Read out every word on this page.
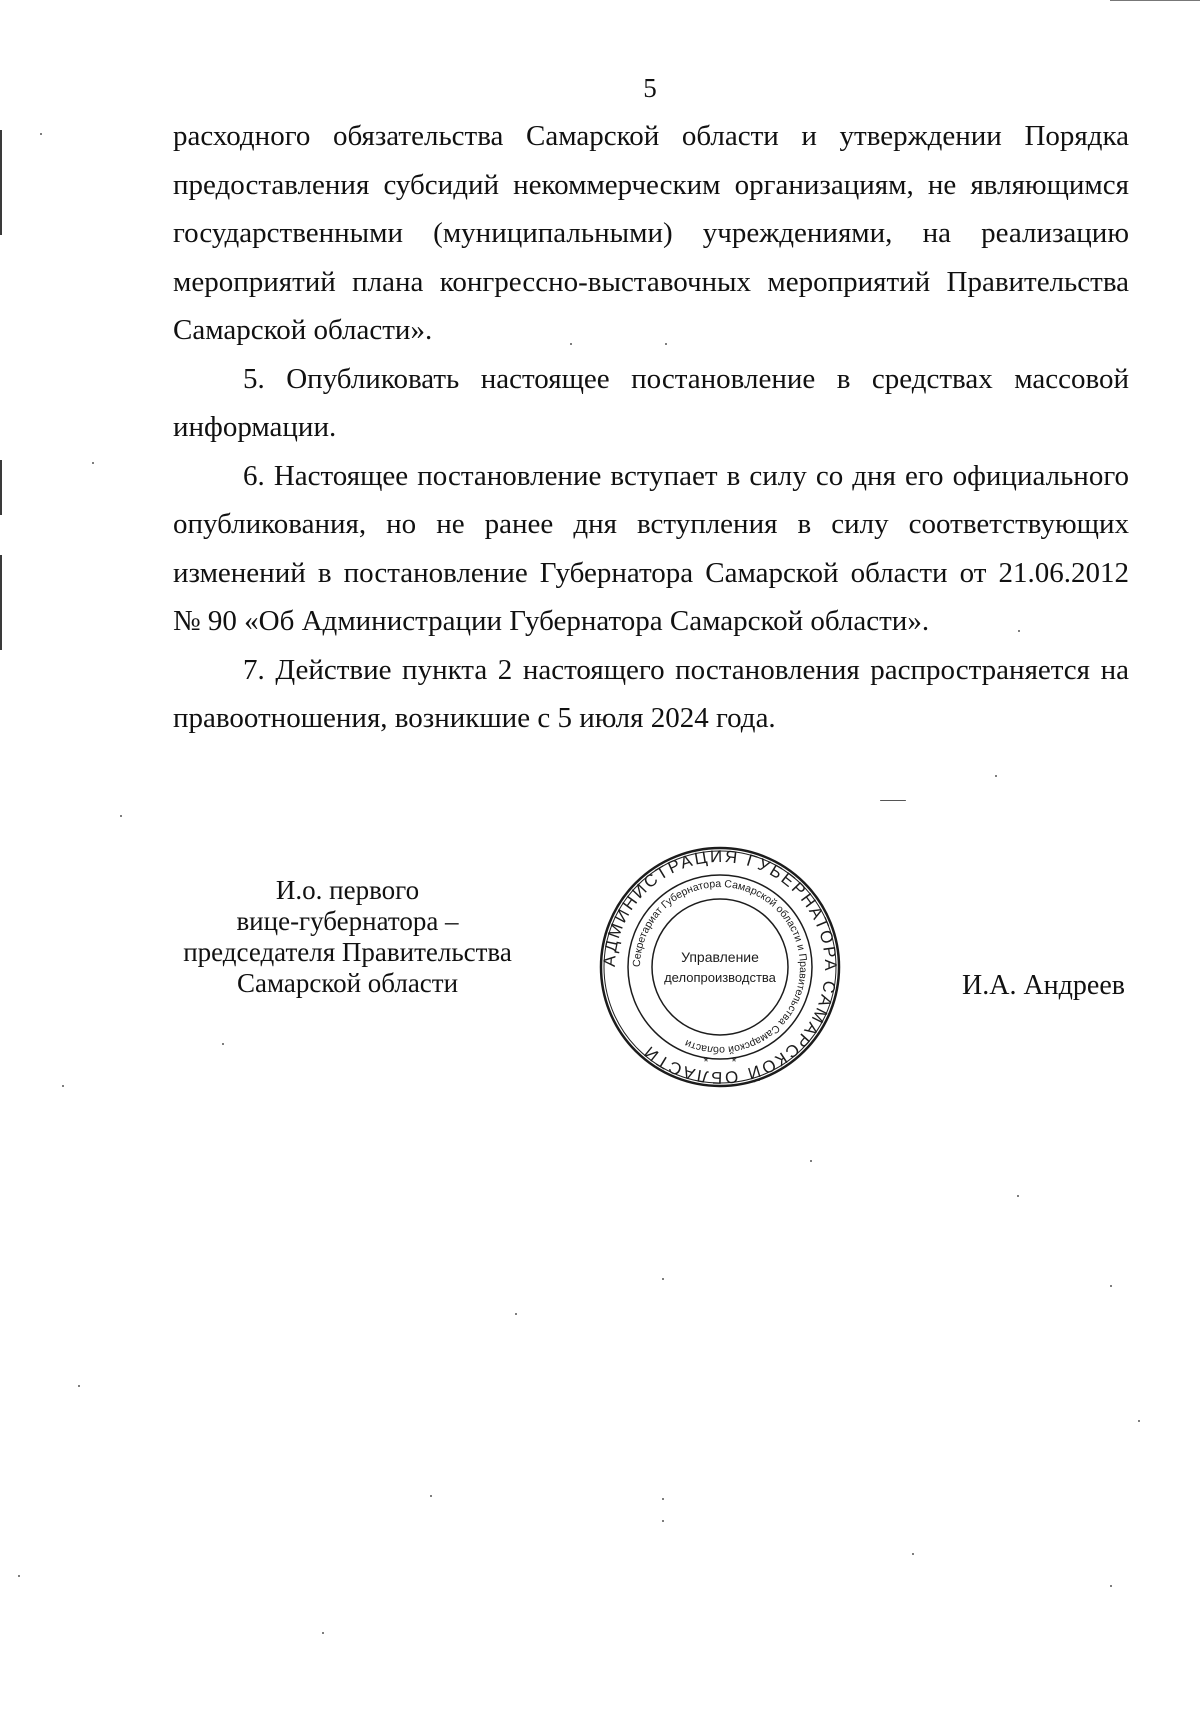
5

расходного обязательства Самарской области и утверждении Порядка предоставления субсидий некоммерческим организациям, не являющимся государственными (муниципальными) учреждениями, на реализацию мероприятий плана конгрессно-выставочных мероприятий Правительства Самарской области».

5. Опубликовать настоящее постановление в средствах массовой информации.

6. Настоящее постановление вступает в силу со дня его официального опубликования, но не ранее дня вступления в силу соответствующих изменений в постановление Губернатора Самарской области от 21.06.2012 № 90 «Об Администрации Губернатора Самарской области».

7. Действие пункта 2 настоящего постановления распространяется на правоотношения, возникшие с 5 июля 2024 года.

И.о. первого
вице-губернатора –
председателя Правительства
Самарской области	И.А. Андреев
АДМИНИСТРАЦИЯ ГУБЕРНАТОРА САМАРСКОЙ ОБЛАСТИ
Секретариат Губернатора Самарской области и Правительства Самарской области
Управление
делопроизводства
* *
